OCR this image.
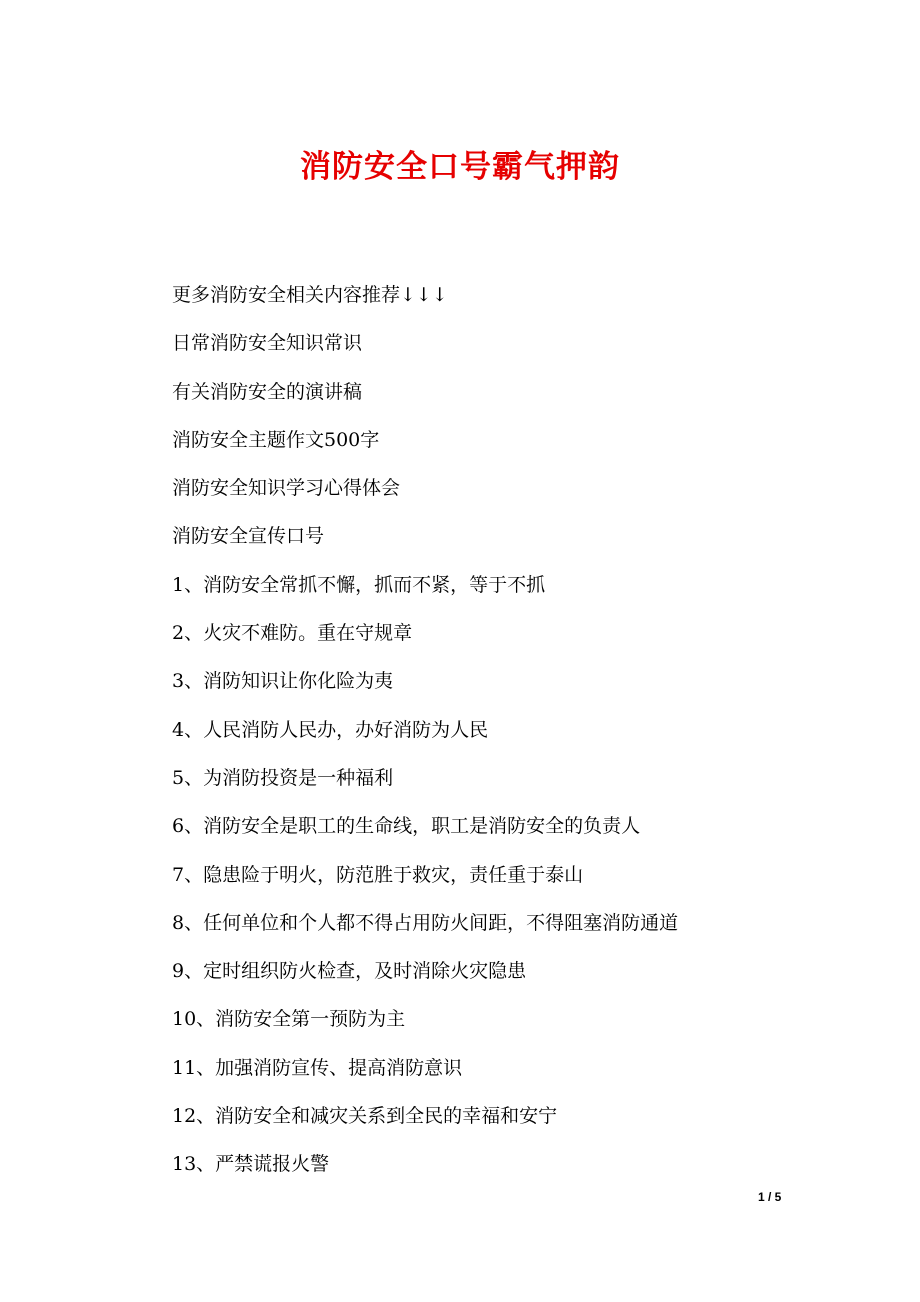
消防安全口号霸气押韵
更多消防安全相关内容推荐↓↓↓
日常消防安全知识常识
有关消防安全的演讲稿
消防安全主题作文500字
消防安全知识学习心得体会
消防安全宣传口号
1、消防安全常抓不懈，抓而不紧，等于不抓
2、火灾不难防。重在守规章
3、消防知识让你化险为夷
4、人民消防人民办，办好消防为人民
5、为消防投资是一种福利
6、消防安全是职工的生命线，职工是消防安全的负责人
7、隐患险于明火，防范胜于救灾，责任重于泰山
8、任何单位和个人都不得占用防火间距，不得阻塞消防通道
9、定时组织防火检查，及时消除火灾隐患
10、消防安全第一预防为主
11、加强消防宣传、提高消防意识
12、消防安全和减灾关系到全民的幸福和安宁
13、严禁谎报火警
1 / 5
